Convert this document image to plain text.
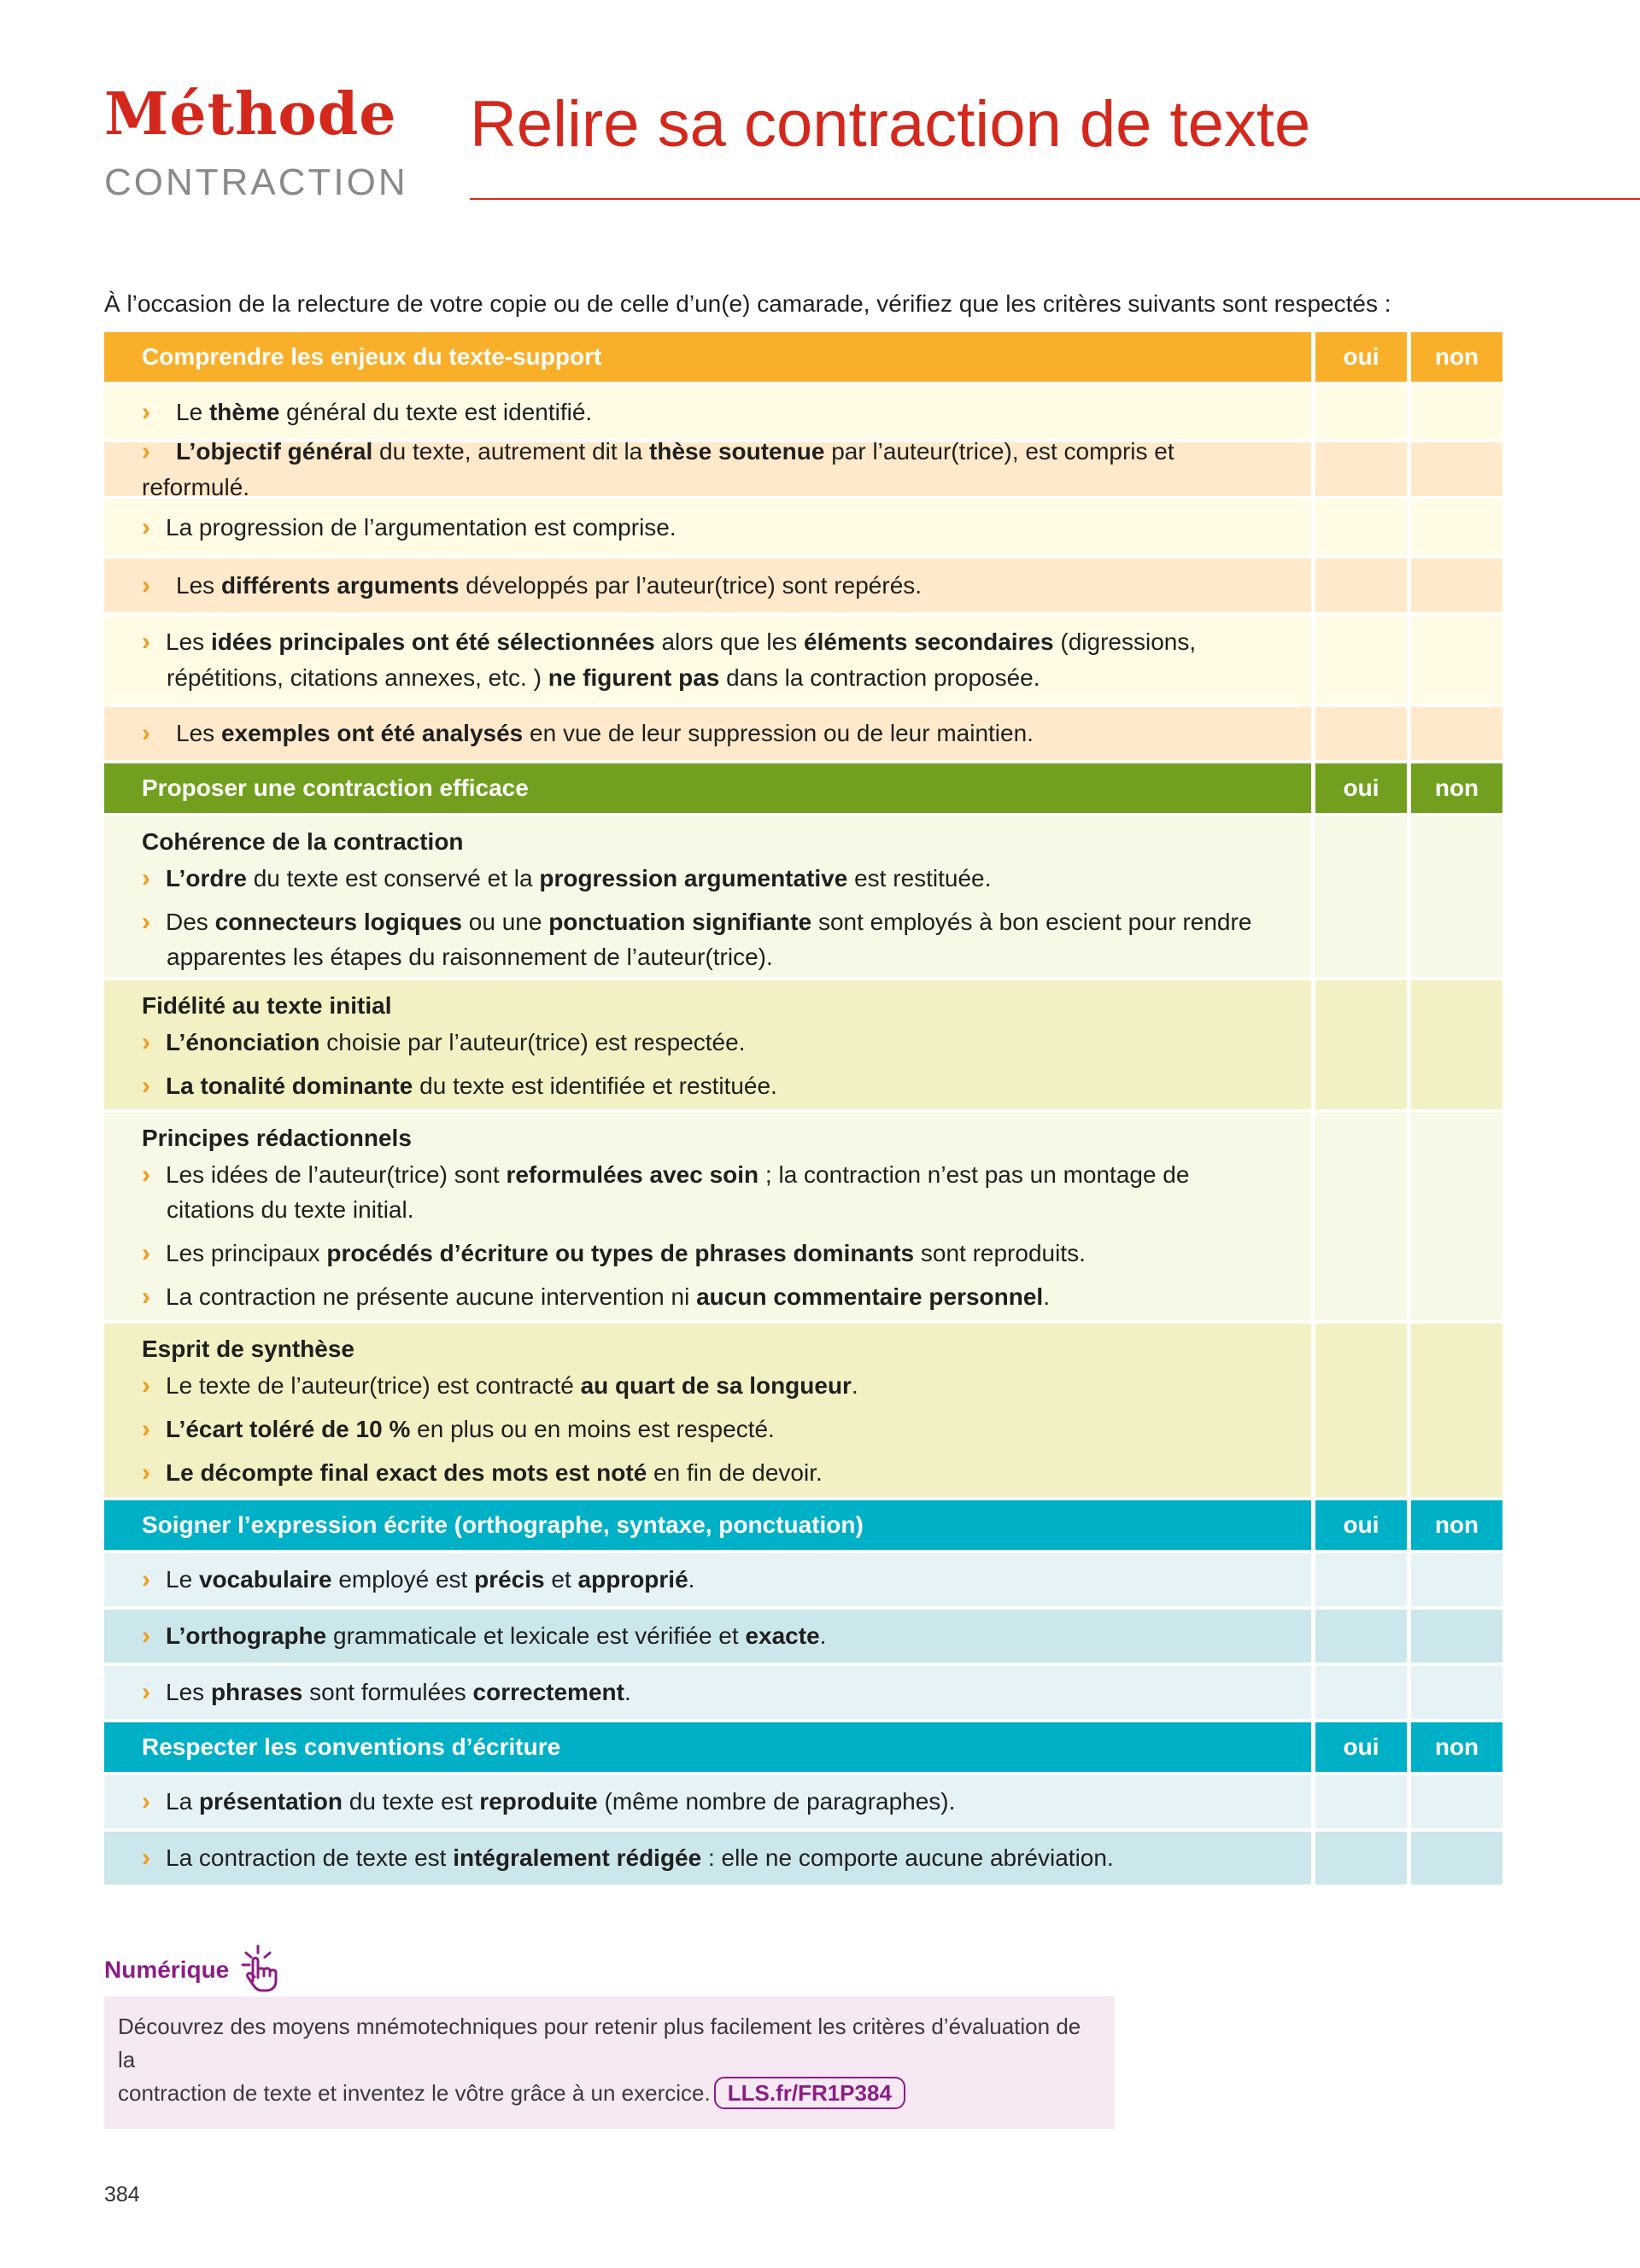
Méthode
CONTRACTION
Relire sa contraction de texte
À l’occasion de la relecture de votre copie ou de celle d’un(e) camarade, vérifiez que les critères suivants sont respectés :
Comprendre les enjeux du texte-support	oui	non
› Le thème général du texte est identifié.
› L’objectif général du texte, autrement dit la thèse soutenue par l’auteur(trice), est compris et reformulé.
› La progression de l’argumentation est comprise.
› Les différents arguments développés par l’auteur(trice) sont repérés.
› Les idées principales ont été sélectionnées alors que les éléments secondaires (digressions,
répétitions, citations annexes, etc. ) ne figurent pas dans la contraction proposée.
› Les exemples ont été analysés en vue de leur suppression ou de leur maintien.
Proposer une contraction efficace	oui	non
Cohérence de la contraction
› L’ordre du texte est conservé et la progression argumentative est restituée.
› Des connecteurs logiques ou une ponctuation signifiante sont employés à bon escient pour rendre
apparentes les étapes du raisonnement de l’auteur(trice).
Fidélité au texte initial
› L’énonciation choisie par l’auteur(trice) est respectée.
› La tonalité dominante du texte est identifiée et restituée.
Principes rédactionnels
› Les idées de l’auteur(trice) sont reformulées avec soin ; la contraction n’est pas un montage de
citations du texte initial.
› Les principaux procédés d’écriture ou types de phrases dominants sont reproduits.
› La contraction ne présente aucune intervention ni aucun commentaire personnel.
Esprit de synthèse
› Le texte de l’auteur(trice) est contracté au quart de sa longueur.
› L’écart toléré de 10 % en plus ou en moins est respecté.
› Le décompte final exact des mots est noté en fin de devoir.
Soigner l’expression écrite (orthographe, syntaxe, ponctuation)	oui	non
› Le vocabulaire employé est précis et approprié.
› L’orthographe grammaticale et lexicale est vérifiée et exacte.
› Les phrases sont formulées correctement.
Respecter les conventions d’écriture	oui	non
› La présentation du texte est reproduite (même nombre de paragraphes).
› La contraction de texte est intégralement rédigée : elle ne comporte aucune abréviation.
Numérique
Découvrez des moyens mnémotechniques pour retenir plus facilement les critères d’évaluation de la
contraction de texte et inventez le vôtre grâce à un exercice. LLS.fr/FR1P384
384
